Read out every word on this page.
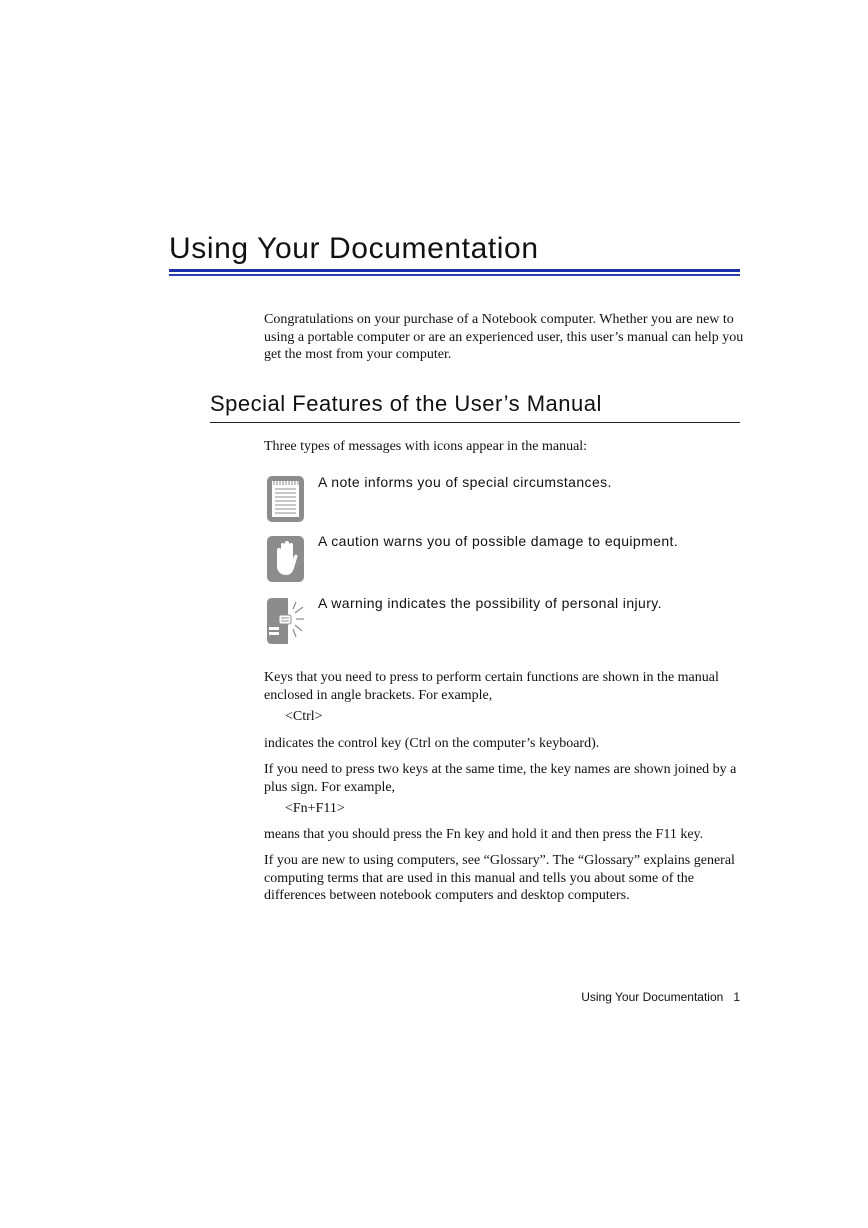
Using Your Documentation

Congratulations on your purchase of a Notebook computer. Whether you are new to using a portable computer or are an experienced user, this user’s manual can help you get the most from your computer.

Special Features of the User’s Manual

Three types of messages with icons appear in the manual:

A note informs you of special circumstances.

A caution warns you of possible damage to equipment.

A warning indicates the possibility of personal injury.

Keys that you need to press to perform certain functions are shown in the manual enclosed in angle brackets. For example,

<Ctrl>

indicates the control key (Ctrl on the computer’s keyboard).

If you need to press two keys at the same time, the key names are shown joined by a plus sign. For example,

<Fn+F11>

means that you should press the Fn key and hold it and then press the F11 key.

If you are new to using computers, see “Glossary”. The “Glossary” explains general computing terms that are used in this manual and tells you about some of the differences between notebook computers and desktop computers.

Using Your Documentation 1
